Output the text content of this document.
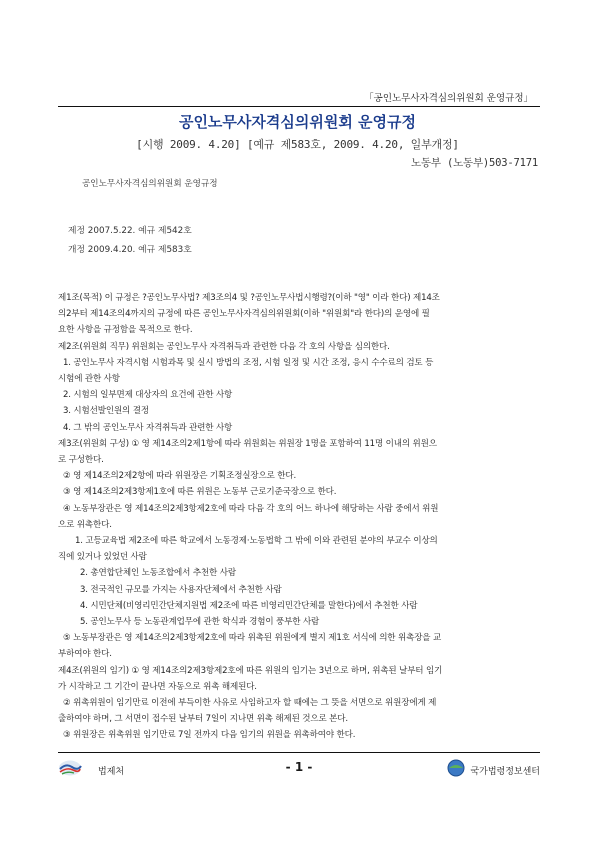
「공인노무사자격심의위원회 운영규정」
공인노무사자격심의위원회 운영규정
[시행 2009. 4.20] [예규 제583호, 2009. 4.20, 일부개정]
노동부 (노동부)503-7171
공인노무사자격심의위원회 운영규정
제정 2007.5.22. 예규 제542호
개정 2009.4.20. 예규 제583호

제1조(목적) 이 규정은 ?공인노무사법? 제3조의4 및 ?공인노무사법시행령?(이하 "영" 이라 한다) 제14조

의2부터 제14조의4까지의 규정에 따른 공인노무사자격심의위원회(이하 "위원회"라 한다)의 운영에 필

요한 사항을 규정함을 목적으로 한다.

제2조(위원회 직무) 위원회는 공인노무사 자격취득과 관련한 다음 각 호의 사항을 심의한다.

1. 공인노무사 자격시험 시험과목 및 실시 방법의 조정, 시험 일정 및 시간 조정, 응시 수수료의 검토 등

시험에 관한 사항

2. 시험의 일부면제 대상자의 요건에 관한 사항

3. 시험선발인원의 결정

4. 그 밖의 공인노무사 자격취득과 관련한 사항

제3조(위원회 구성) ① 영 제14조의2제1항에 따라 위원회는 위원장 1명을 포함하여 11명 이내의 위원으

로 구성한다.

② 영 제14조의2제2항에 따라 위원장은 기획조정실장으로 한다.

③ 영 제14조의2제3항제1호에 따른 위원은 노동부 근로기준국장으로 한다.

④ 노동부장관은 영 제14조의2제3항제2호에 따라 다음 각 호의 어느 하나에 해당하는 사람 중에서 위원

으로 위촉한다.

1. 고등교육법 제2조에 따른 학교에서 노동경제·노동법학 그 밖에 이와 관련된 분야의 부교수 이상의

직에 있거나 있었던 사람

2. 총연합단체인 노동조합에서 추천한 사람

3. 전국적인 규모를 가지는 사용자단체에서 추천한 사람

4. 시민단체(비영리민간단체지원법 제2조에 따른 비영리민간단체를 말한다)에서 추천한 사람

5. 공인노무사 등 노동관계업무에 관한 학식과 경험이 풍부한 사람

⑤ 노동부장관은 영 제14조의2제3항제2호에 따라 위촉된 위원에게 별지 제1호 서식에 의한 위촉장을 교

부하여야 한다.

제4조(위원의 임기) ① 영 제14조의2제3항제2호에 따른 위원의 임기는 3년으로 하며, 위촉된 날부터 임기

가 시작하고 그 기간이 끝나면 자동으로 위촉 해제된다.

② 위촉위원이 임기만료 이전에 부득이한 사유로 사임하고자 할 때에는 그 뜻을 서면으로 위원장에게 제

출하여야 하며, 그 서면이 접수된 날부터 7일이 지나면 위촉 해제된 것으로 본다.

③ 위원장은 위촉위원 임기만료 7일 전까지 다음 임기의 위원을 위촉하여야 한다.

법제처	- 1 -	국가법령정보센터
